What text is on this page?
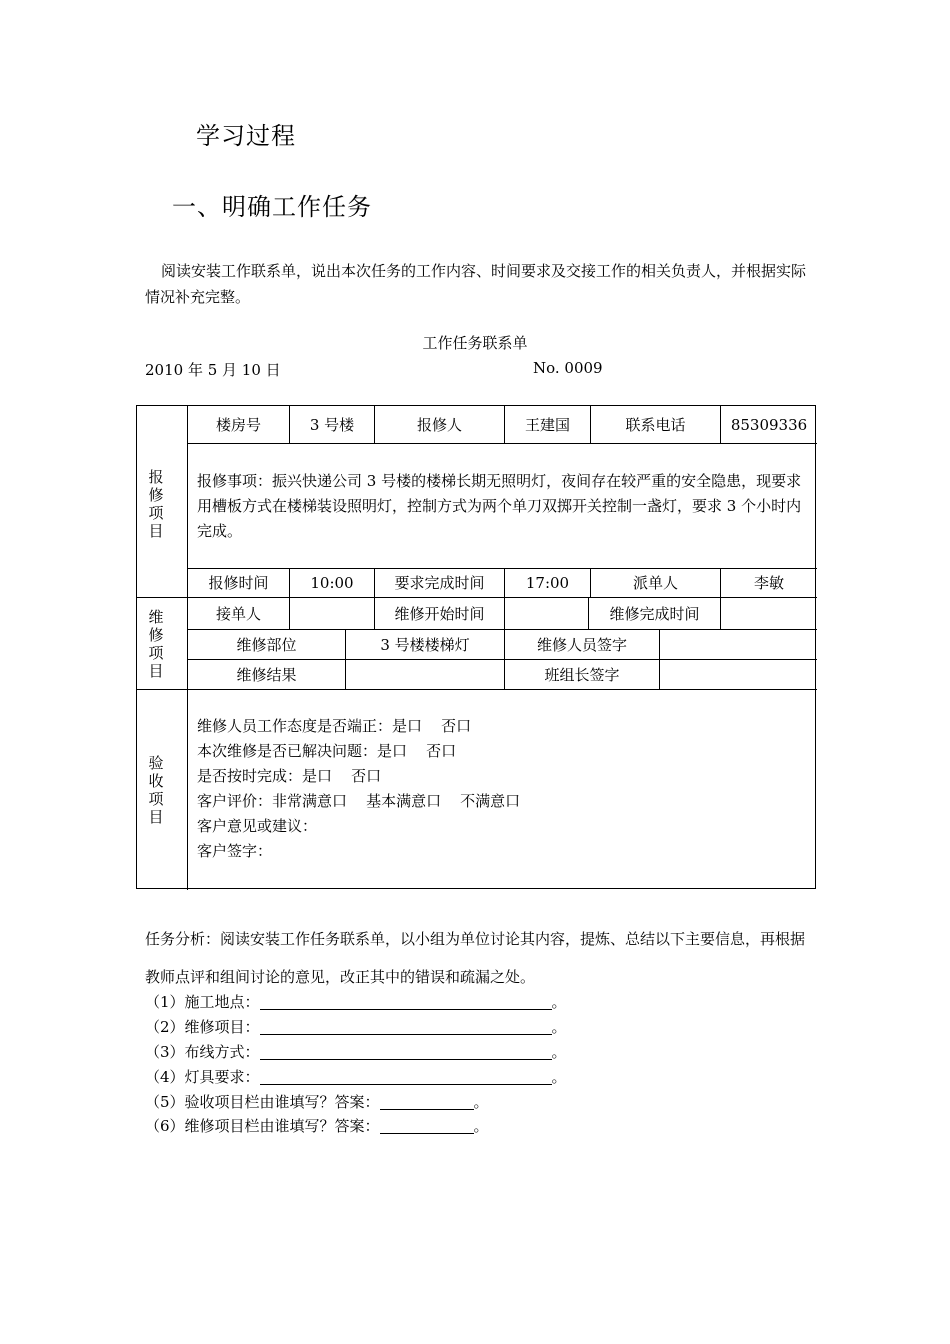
学习过程
一、明确工作任务
阅读安装工作联系单，说出本次任务的工作内容、时间要求及交接工作的相关负责人，并根据实际情况补充完整。
工作任务联系单
2010 年 5 月 10 日	No. 0009
报修项目
维修项目
验收项目
楼房号	3 号楼	报修人	王建国	联系电话	85309336
报修事项：振兴快递公司 3 号楼的楼梯长期无照明灯，夜间存在较严重的安全隐患，现要求用槽板方式在楼梯装设照明灯，控制方式为两个单刀双掷开关控制一盏灯，要求 3 个小时内完成。
报修时间	10:00	要求完成时间	17:00	派单人	李敏
接单人	维修开始时间	维修完成时间
维修部位	3 号楼楼梯灯	维修人员签字
维修结果	班组长签字
维修人员工作态度是否端正：是口    否口
本次维修是否已解决问题：是口    否口
是否按时完成：是口    否口
客户评价：非常满意口    基本满意口    不满意口
客户意见或建议：
客户签字：
任务分析：阅读安装工作任务联系单，以小组为单位讨论其内容，提炼、总结以下主要信息，再根据教师点评和组间讨论的意见，改正其中的错误和疏漏之处。
（1）施工地点：	。
（2）维修项目：	。
（3）布线方式：	。
（4）灯具要求：	。
（5）验收项目栏由谁填写？答案：	。
（6）维修项目栏由谁填写？答案：	。
